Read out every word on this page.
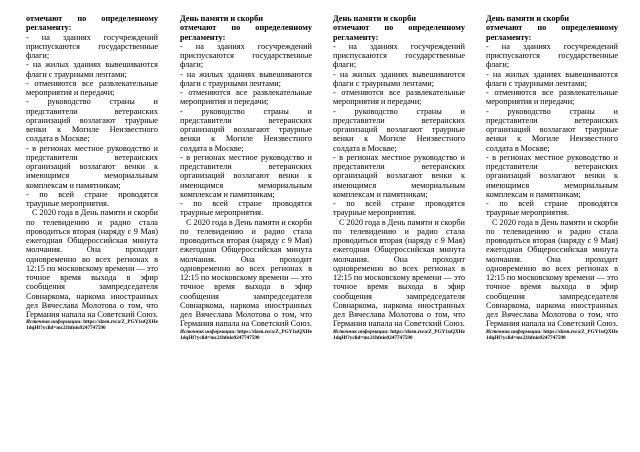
отмечают по определенному регламенту:

- на зданиях госучреждений приспускаются государственные флаги;

- на жилых зданиях вывешиваются флаги с траурными лентами;

- отменяются все развлекательные мероприятия и передачи;

- руководство страны и представители ветеранских организаций возлагают траурные венки к Могиле Неизвестного солдата в Москве;

- в регионах местное руководство и представители ветеранских организаций возлагают венки к имеющимся мемориальным комплексам и памятникам;

- по всей стране проводятся траурные мероприятия.

С 2020 года в День памяти и скорби по телевидению и радио стала проводиться вторая (наряду с 9 Мая) ежегодная Общероссийская минута молчания. Она проходит одновременно во всех регионах в 12:15 по московскому времени — это точное время выхода в эфир сообщения зампредседателя Совнаркома, наркома иностранных дел Вячеслава Молотова о том, что Германия напала на Советский Союз.

Источник информации: https://dzen.ru/a/Z_PGY1uQXHe1dqHf?yclid=mc21hfnio9247747590

День памяти и скорби

отмечают по определенному регламенту:

- на зданиях госучреждений приспускаются государственные флаги;

- на жилых зданиях вывешиваются флаги с траурными лентами;

- отменяются все развлекательные мероприятия и передачи;

- руководство страны и представители ветеранских организаций возлагают траурные венки к Могиле Неизвестного солдата в Москве;

- в регионах местное руководство и представители ветеранских организаций возлагают венки к имеющимся мемориальным комплексам и памятникам;

- по всей стране проводятся траурные мероприятия.

С 2020 года в День памяти и скорби по телевидению и радио стала проводиться вторая (наряду с 9 Мая) ежегодная Общероссийская минута молчания. Она проходит одновременно во всех регионах в 12:15 по московскому времени — это точное время выхода в эфир сообщения зампредседателя Совнаркома, наркома иностранных дел Вячеслава Молотова о том, что Германия напала на Советский Союз.

Источник информации: https://dzen.ru/a/Z_PGY1uQXHe1dqHf?yclid=mc21hfnio9247747590

День памяти и скорби

отмечают по определенному регламенту:

- на зданиях госучреждений приспускаются государственные флаги;

- на жилых зданиях вывешиваются флаги с траурными лентами;

- отменяются все развлекательные мероприятия и передачи;

- руководство страны и представители ветеранских организаций возлагают траурные венки к Могиле Неизвестного солдата в Москве;

- в регионах местное руководство и представители ветеранских организаций возлагают венки к имеющимся мемориальным комплексам и памятникам;

- по всей стране проводятся траурные мероприятия.

С 2020 года в День памяти и скорби по телевидению и радио стала проводиться вторая (наряду с 9 Мая) ежегодная Общероссийская минута молчания. Она проходит одновременно во всех регионах в 12:15 по московскому времени — это точное время выхода в эфир сообщения зампредседателя Совнаркома, наркома иностранных дел Вячеслава Молотова о том, что Германия напала на Советский Союз.

Источник информации: https://dzen.ru/a/Z_PGY1uQXHe1dqHf?yclid=mc21hfnio9247747590

День памяти и скорби

отмечают по определенному регламенту:

- на зданиях госучреждений приспускаются государственные флаги;

- на жилых зданиях вывешиваются флаги с траурными лентами;

- отменяются все развлекательные мероприятия и передачи;

- руководство страны и представители ветеранских организаций возлагают траурные венки к Могиле Неизвестного солдата в Москве;

- в регионах местное руководство и представители ветеранских организаций возлагают венки к имеющимся мемориальным комплексам и памятникам;

- по всей стране проводятся траурные мероприятия.

С 2020 года в День памяти и скорби по телевидению и радио стала проводиться вторая (наряду с 9 Мая) ежегодная Общероссийская минута молчания. Она проходит одновременно во всех регионах в 12:15 по московскому времени — это точное время выхода в эфир сообщения зампредседателя Совнаркома, наркома иностранных дел Вячеслава Молотова о том, что Германия напала на Советский Союз.

Источник информации: https://dzen.ru/a/Z_PGY1uQXHe1dqHf?yclid=mc21hfnio9247747590
